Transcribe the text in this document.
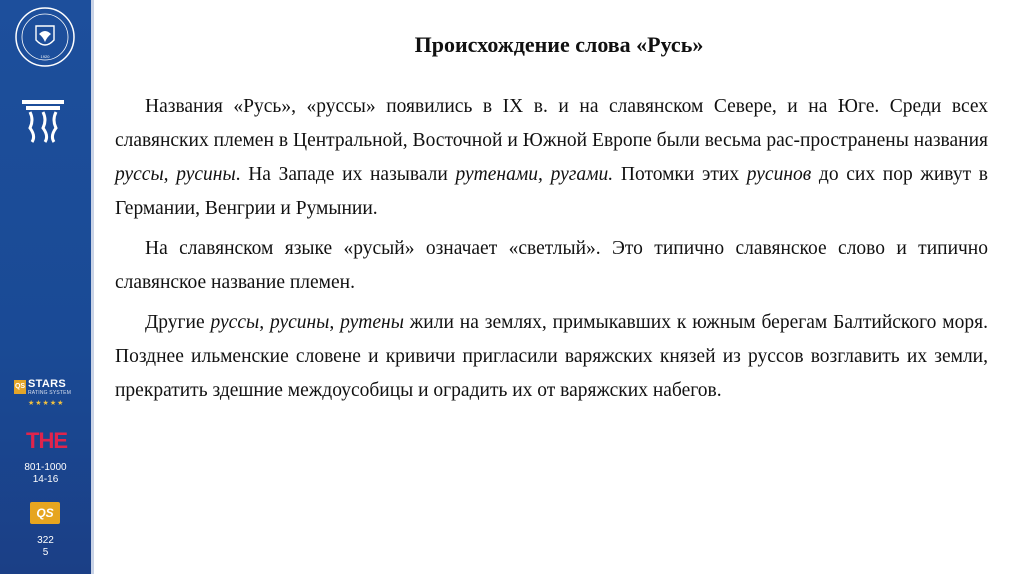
1920
QS STARS
RATING SYSTEM
★★★★★
THE
801-1000
14-16
QS
322
5
Происхождение слова «Русь»

Названия «Русь», «руссы» появились в IX в. и на славянском Севере, и на Юге. Среди всех славянских племен в Центральной, Восточной и Южной Европе были весьма рас-пространены названия руссы, русины. На Западе их называли рутенами, ругами. Потомки этих русинов до сих пор живут в Германии, Венгрии и Румынии.

На славянском языке «русый» означает «светлый». Это типично славянское слово и типично славянское название племен.

Другие руссы, русины, рутены жили на землях, примыкавших к южным берегам Балтийского моря. Позднее ильменские словене и кривичи пригласили варяжских князей из руссов возглавить их земли, прекратить здешние междоусобицы и оградить их от варяжских набегов.
